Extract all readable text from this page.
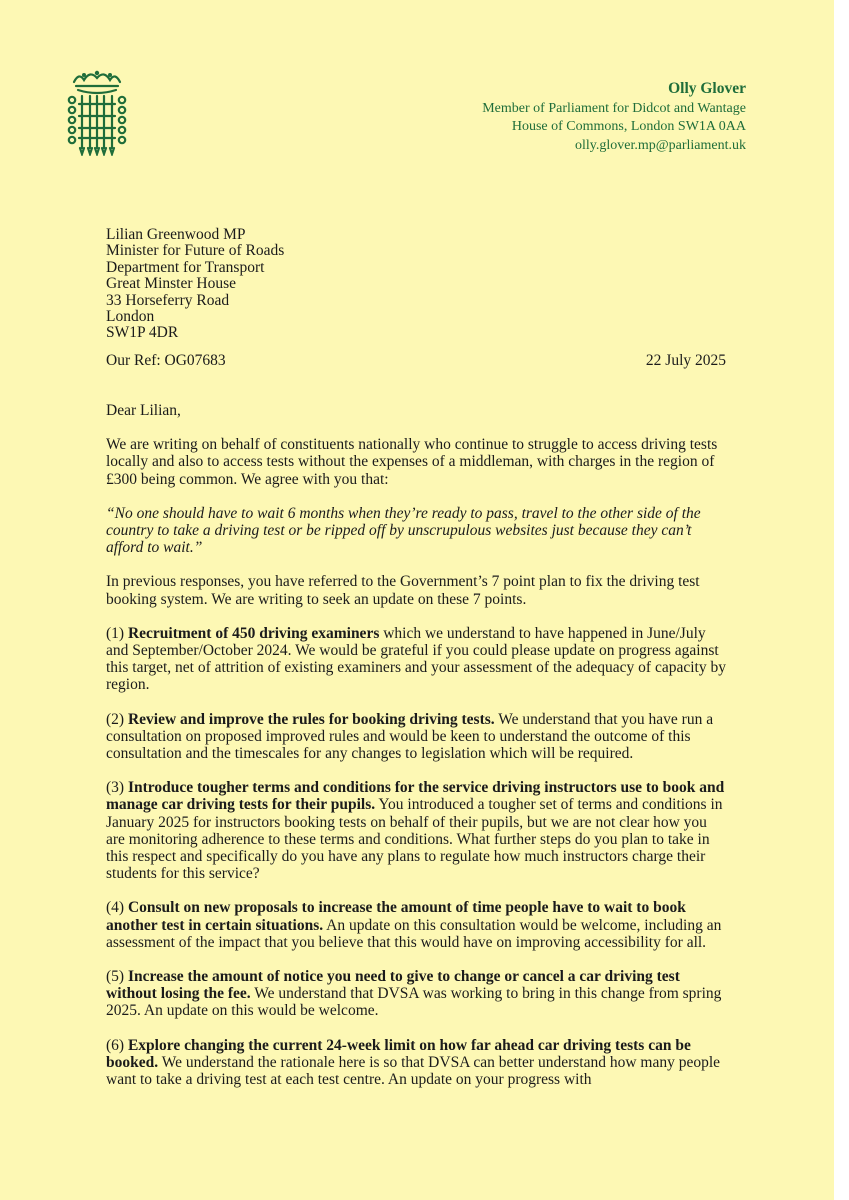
Olly Glover
Member of Parliament for Didcot and Wantage
House of Commons, London SW1A 0AA
olly.glover.mp@parliament.uk
Lilian Greenwood MP
Minister for Future of Roads
Department for Transport
Great Minster House
33 Horseferry Road
London
SW1P 4DR
Our Ref: OG07683	22 July 2025

Dear Lilian,

We are writing on behalf of constituents nationally who continue to struggle to access driving tests locally and also to access tests without the expenses of a middleman, with charges in the region of £300 being common. We agree with you that:

“No one should have to wait 6 months when they’re ready to pass, travel to the other side of the country to take a driving test or be ripped off by unscrupulous websites just because they can’t afford to wait.”

In previous responses, you have referred to the Government’s 7 point plan to fix the driving test booking system. We are writing to seek an update on these 7 points.

(1) Recruitment of 450 driving examiners which we understand to have happened in June/July and September/October 2024. We would be grateful if you could please update on progress against this target, net of attrition of existing examiners and your assessment of the adequacy of capacity by region.

(2) Review and improve the rules for booking driving tests. We understand that you have run a consultation on proposed improved rules and would be keen to understand the outcome of this consultation and the timescales for any changes to legislation which will be required.

(3) Introduce tougher terms and conditions for the service driving instructors use to book and manage car driving tests for their pupils. You introduced a tougher set of terms and conditions in January 2025 for instructors booking tests on behalf of their pupils, but we are not clear how you are monitoring adherence to these terms and conditions. What further steps do you plan to take in this respect and specifically do you have any plans to regulate how much instructors charge their students for this service?

(4) Consult on new proposals to increase the amount of time people have to wait to book another test in certain situations. An update on this consultation would be welcome, including an assessment of the impact that you believe that this would have on improving accessibility for all.

(5) Increase the amount of notice you need to give to change or cancel a car driving test without losing the fee. We understand that DVSA was working to bring in this change from spring 2025. An update on this would be welcome.

(6) Explore changing the current 24-week limit on how far ahead car driving tests can be booked. We understand the rationale here is so that DVSA can better understand how many people want to take a driving test at each test centre. An update on your progress with
